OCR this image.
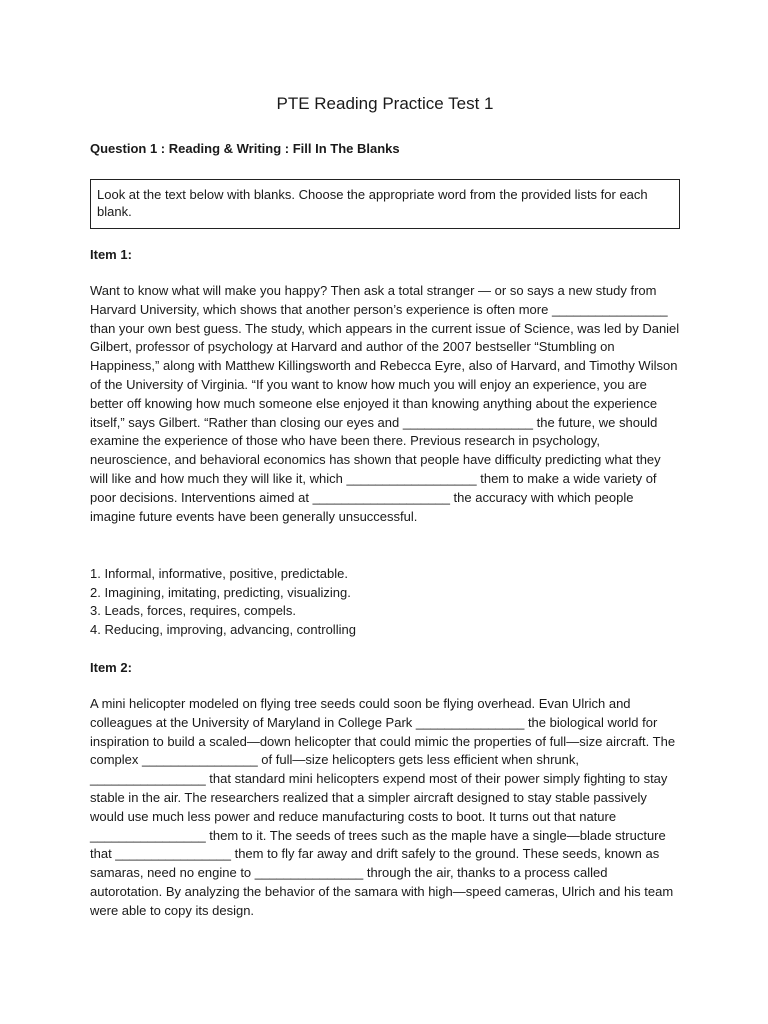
PTE Reading Practice Test 1
Question 1 : Reading & Writing : Fill In The Blanks
Look at the text below with blanks. Choose the appropriate word from the provided lists for each blank.
Item 1:

Want to know what will make you happy? Then ask a total stranger — or so says a new study from Harvard University, which shows that another person’s experience is often more ________________ than your own best guess. The study, which appears in the current issue of Science, was led by Daniel Gilbert, professor of psychology at Harvard and author of the 2007 bestseller “Stumbling on Happiness,” along with Matthew Killingsworth and Rebecca Eyre, also of Harvard, and Timothy Wilson of the University of Virginia. “If you want to know how much you will enjoy an experience, you are better off knowing how much someone else enjoyed it than knowing anything about the experience itself,” says Gilbert. “Rather than closing our eyes and __________________ the future, we should examine the experience of those who have been there. Previous research in psychology, neuroscience, and behavioral economics has shown that people have difficulty predicting what they will like and how much they will like it, which __________________ them to make a wide variety of poor decisions. Interventions aimed at ___________________ the accuracy with which people imagine future events have been generally unsuccessful.

1. Informal, informative, positive, predictable.
2. Imagining, imitating, predicting, visualizing.
3. Leads, forces, requires, compels.
4. Reducing, improving, advancing, controlling
Item 2:

A mini helicopter modeled on flying tree seeds could soon be flying overhead. Evan Ulrich and colleagues at the University of Maryland in College Park _______________ the biological world for inspiration to build a scaled—down helicopter that could mimic the properties of full—size aircraft. The complex ________________ of full—size helicopters gets less efficient when shrunk, ________________ that standard mini helicopters expend most of their power simply fighting to stay stable in the air. The researchers realized that a simpler aircraft designed to stay stable passively would use much less power and reduce manufacturing costs to boot. It turns out that nature ________________ them to it. The seeds of trees such as the maple have a single—blade structure that ________________ them to fly far away and drift safely to the ground. These seeds, known as samaras, need no engine to _______________ through the air, thanks to a process called autorotation. By analyzing the behavior of the samara with high—speed cameras, Ulrich and his team were able to copy its design.
